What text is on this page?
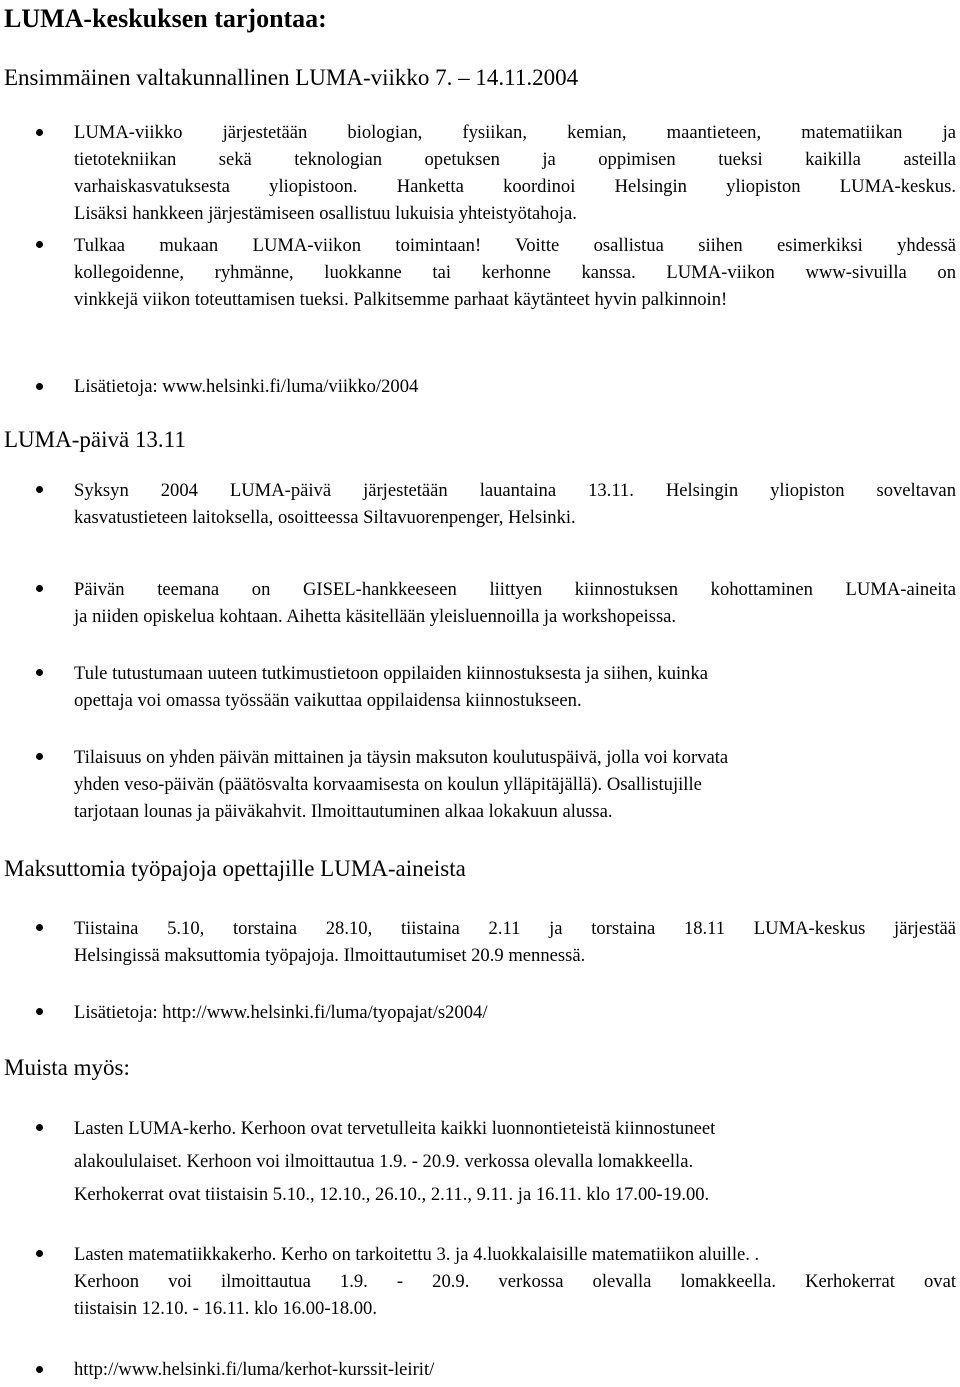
LUMA-keskuksen tarjontaa:
Ensimmäinen valtakunnallinen LUMA-viikko 7. – 14.11.2004
LUMA-viikko järjestetään biologian, fysiikan, kemian, maantieteen, matematiikan ja
tietotekniikan sekä teknologian opetuksen ja oppimisen tueksi kaikilla asteilla
varhaiskasvatuksesta yliopistoon. Hanketta koordinoi Helsingin yliopiston LUMA-keskus.
Lisäksi hankkeen järjestämiseen osallistuu lukuisia yhteistyötahoja.
Tulkaa mukaan LUMA-viikon toimintaan! Voitte osallistua siihen esimerkiksi yhdessä
kollegoidenne, ryhmänne, luokkanne tai kerhonne kanssa. LUMA-viikon www-sivuilla on
vinkkejä viikon toteuttamisen tueksi. Palkitsemme parhaat käytänteet hyvin palkinnoin!
Lisätietoja: www.helsinki.fi/luma/viikko/2004
LUMA-päivä 13.11
Syksyn 2004 LUMA-päivä järjestetään lauantaina 13.11. Helsingin yliopiston soveltavan
kasvatustieteen laitoksella, osoitteessa Siltavuorenpenger, Helsinki.
Päivän teemana on GISEL-hankkeeseen liittyen kiinnostuksen kohottaminen LUMA-aineita
ja niiden opiskelua kohtaan. Aihetta käsitellään yleisluennoilla ja workshopeissa.
Tule tutustumaan uuteen tutkimustietoon oppilaiden kiinnostuksesta ja siihen, kuinka
opettaja voi omassa työssään vaikuttaa oppilaidensa kiinnostukseen.
Tilaisuus on yhden päivän mittainen ja täysin maksuton koulutuspäivä, jolla voi korvata
yhden veso-päivän (päätösvalta korvaamisesta on koulun ylläpitäjällä). Osallistujille
tarjotaan lounas ja päiväkahvit. Ilmoittautuminen alkaa lokakuun alussa.
Maksuttomia työpajoja opettajille LUMA-aineista
Tiistaina 5.10, torstaina 28.10, tiistaina 2.11 ja torstaina 18.11 LUMA-keskus järjestää
Helsingissä maksuttomia työpajoja. Ilmoittautumiset 20.9 mennessä.
Lisätietoja: http://www.helsinki.fi/luma/tyopajat/s2004/
Muista myös:
Lasten LUMA-kerho. Kerhoon ovat tervetulleita kaikki luonnontieteistä kiinnostuneet
alakoululaiset. Kerhoon voi ilmoittautua 1.9. - 20.9. verkossa olevalla lomakkeella.
Kerhokerrat ovat tiistaisin 5.10., 12.10., 26.10., 2.11., 9.11. ja 16.11. klo 17.00-19.00.
Lasten matematiikkakerho. Kerho on tarkoitettu 3. ja 4.luokkalaisille matematiikon aluille. .
Kerhoon voi ilmoittautua 1.9. - 20.9. verkossa olevalla lomakkeella. Kerhokerrat ovat
tiistaisin 12.10. - 16.11. klo 16.00-18.00.
http://www.helsinki.fi/luma/kerhot-kurssit-leirit/
